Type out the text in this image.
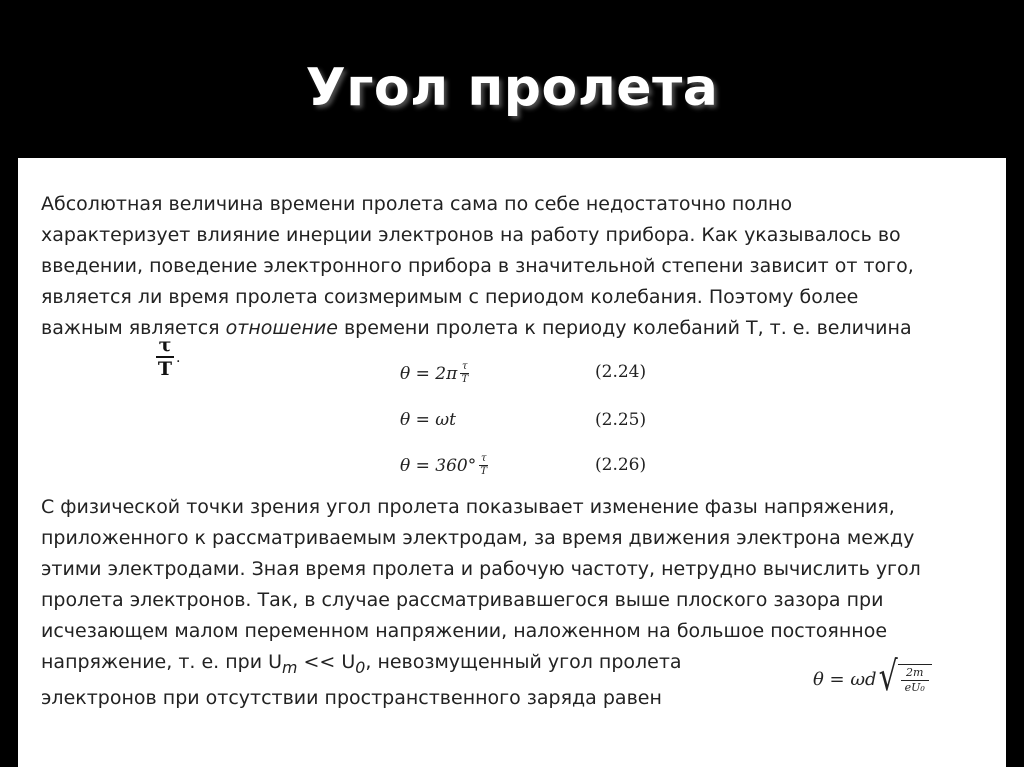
Угол пролета

Абсолютная величина времени пролета сама по себе недостаточно полно
характеризует влияние инерции электронов на работу прибора. Как указывалось во
введении, поведение электронного прибора в значительной степени зависит от того,
является ли время пролета соизмеримым с периодом колебания. Поэтому более
важным является отношение времени пролета к периоду колебаний Т, т. е. величина

$\frac{\tau}{T}$ .
$\theta = 2\pi \frac{\tau}{T}$	(2.24)
θ = ωt	(2.25)
$\theta = 360^\circ \frac{\tau}{T}$	(2.26)

С физической точки зрения угол пролета показывает изменение фазы напряжения,
приложенного к рассматриваемым электродам, за время движения электрона между
этими электродами. Зная время пролета и рабочую частоту, нетрудно вычислить угол
пролета электронов. Так, в случае рассматривавшегося выше плоского зазора при
исчезающем малом переменном напряжении, наложенном на большое постоянное
напряжение, т. е. при $U_m << U_0$, невозмущенный угол пролета
электронов при отсутствии пространственного заряда равен

θ = ωd √ 2m
eU₀
